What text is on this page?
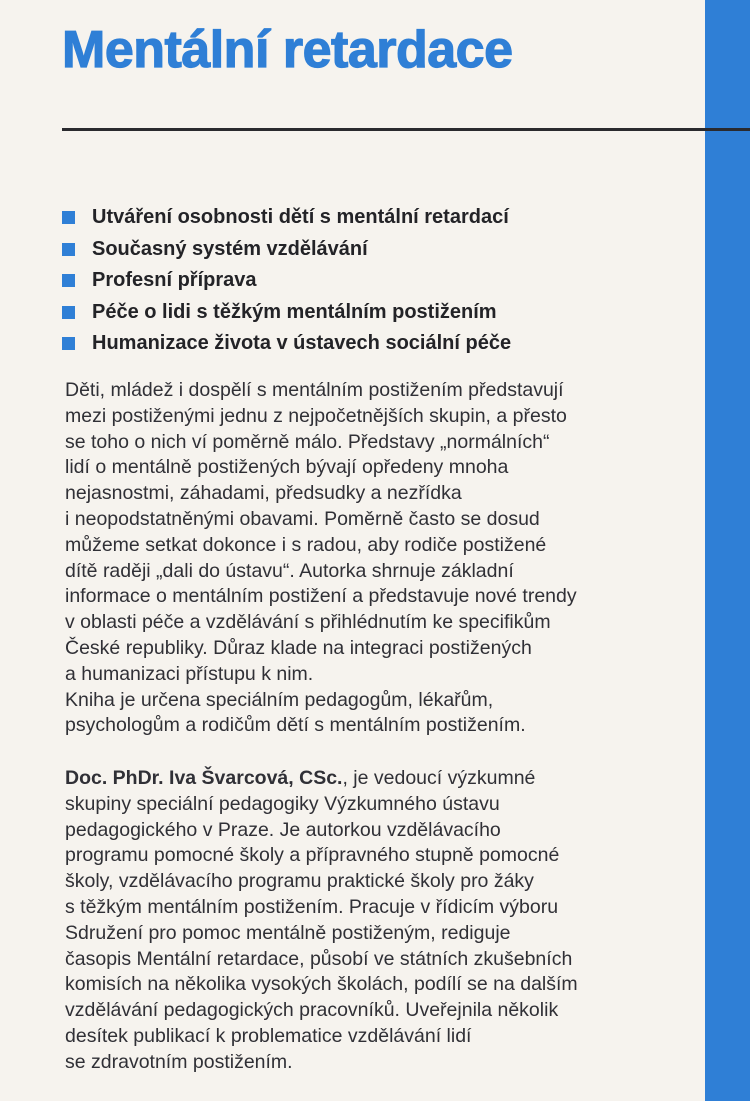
Mentální retardace
Utváření osobnosti dětí s mentální retardací
Současný systém vzdělávání
Profesní příprava
Péče o lidi s těžkým mentálním postižením
Humanizace života v ústavech sociální péče

Děti, mládež i dospělí s mentálním postižením představují
mezi postiženými jednu z nejpočetnějších skupin, a přesto
se toho o nich ví poměrně málo. Představy „normálních“
lidí o mentálně postižených bývají opředeny mnoha
nejasnostmi, záhadami, předsudky a nezřídka
i neopodstatněnými obavami. Poměrně často se dosud
můžeme setkat dokonce i s radou, aby rodiče postižené
dítě raději „dali do ústavu“. Autorka shrnuje základní
informace o mentálním postižení a představuje nové trendy
v oblasti péče a vzdělávání s přihlédnutím ke specifikům
České republiky. Důraz klade na integraci postižených
a humanizaci přístupu k nim.
Kniha je určena speciálním pedagogům, lékařům,
psychologům a rodičům dětí s mentálním postižením.

Doc. PhDr. Iva Švarcová, CSc., je vedoucí výzkumné
skupiny speciální pedagogiky Výzkumného ústavu
pedagogického v Praze. Je autorkou vzdělávacího
programu pomocné školy a přípravného stupně pomocné
školy, vzdělávacího programu praktické školy pro žáky
s těžkým mentálním postižením. Pracuje v řídicím výboru
Sdružení pro pomoc mentálně postiženým, rediguje
časopis Mentální retardace, působí ve státních zkušebních
komisích na několika vysokých školách, podílí se na dalším
vzdělávání pedagogických pracovníků. Uveřejnila několik
desítek publikací k problematice vzdělávání lidí
se zdravotním postižením.
